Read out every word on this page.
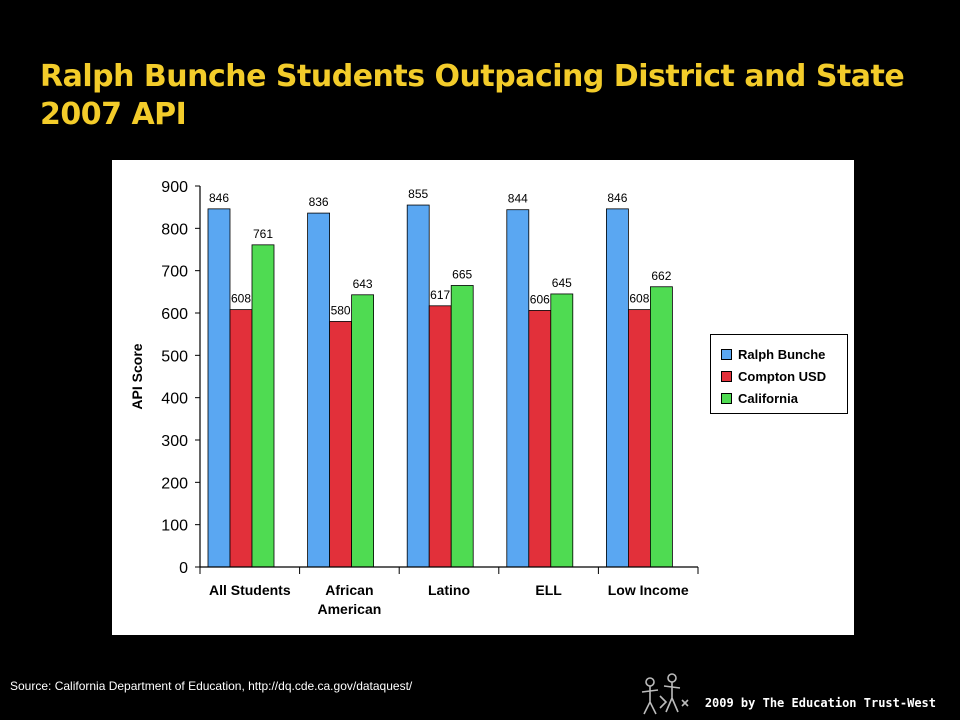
Ralph Bunche Students Outpacing District and State 2007 API
API Score
0
100
200
300
400
500
600
700
800
900
846
608
761
All Students
836
580
643
African American
855
617
665
Latino
844
606
645
ELL
846
608
662
Low Income
Ralph Bunche
Compton USD
California
Source: California Department of Education, http://dq.cde.ca.gov/dataquest/
2009 by The Education Trust-West
